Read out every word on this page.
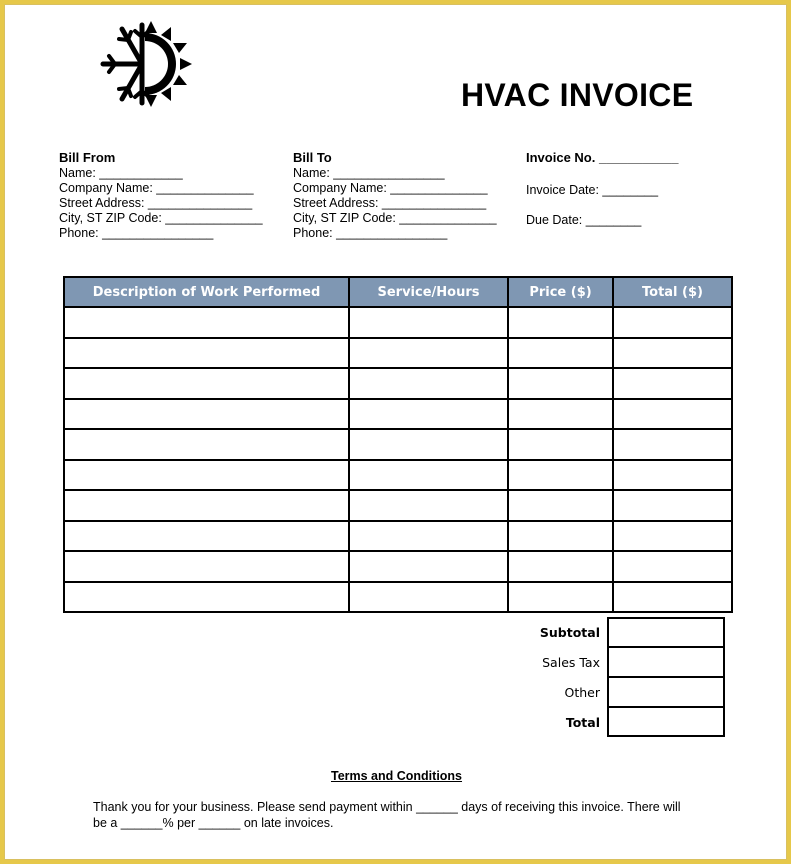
HVAC INVOICE
Bill From
Name: ____________
Company Name: ______________
Street Address: _______________
City, ST ZIP Code: ______________
Phone: ________________
Bill To
Name: ________________
Company Name: ______________
Street Address: _______________
City, ST ZIP Code: ______________
Phone: ________________
Invoice No. ___________
Invoice Date: ________
Due Date: ________
Description of Work Performed	Service/Hours	Price ($)	Total ($)

Subtotal
Sales Tax
Other
Total
Terms and Conditions
Thank you for your business. Please send payment within ______ days of receiving this invoice. There will be a ______% per ______ on late invoices.
